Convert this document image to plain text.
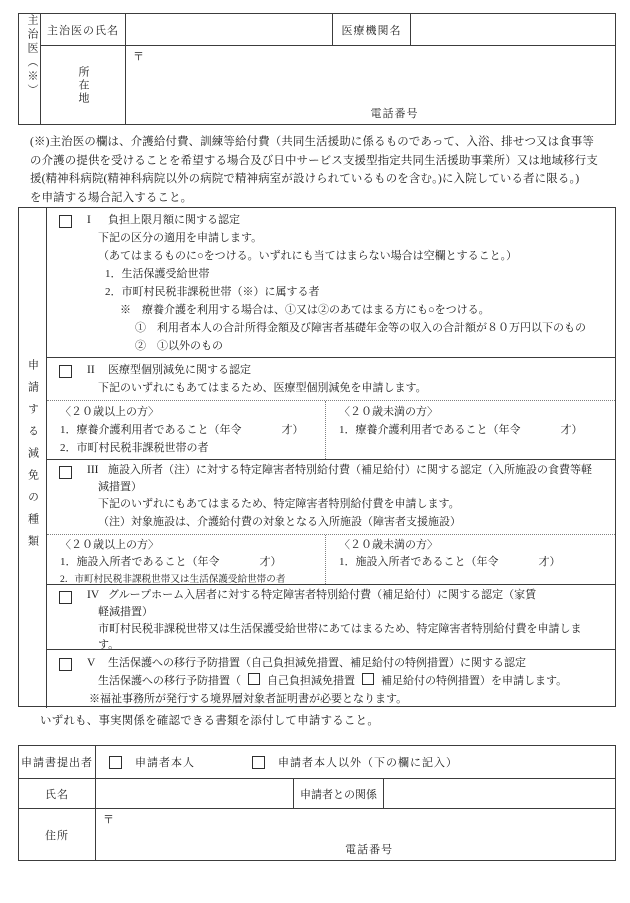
主治医（※） 主治医の氏名	医療機関名
所在地
〒
電話番号
(※)主治医の欄は、介護給付費、訓練等給付費（共同生活援助に係るものであって、入浴、排せつ又は食事等
の介護の提供を受けることを希望する場合及び日中サービス支援型指定共同生活援助事業所）又は地域移行支
援(精神科病院(精神科病院以外の病院で精神病室が設けられているものを含む。)に入院している者に限る。)
を申請する場合記入すること。
申請する減免の種類
I	負担上限月額に関する認定
下記の区分の適用を申請します。
（あてはまるものに○をつける。いずれにも当てはまらない場合は空欄とすること。）
1．生活保護受給世帯
2．市町村民税非課税世帯（※）に属する者
※　療養介護を利用する場合は、①又は②のあてはまる方にも○をつける。
①　利用者本人の合計所得金額及び障害者基礎年金等の収入の合計額が８０万円以下のもの
②　①以外のもの
II	医療型個別減免に関する認定
下記のいずれにもあてはまるため、医療型個別減免を申請します。
〈２０歳以上の方〉
1．療養介護利用者であること（年令	才）
2．市町村民税非課税世帯の者
〈２０歳未満の方〉
1．療養介護利用者であること（年令	才）
III 施設入所者（注）に対する特定障害者特別給付費（補足給付）に関する認定（入所施設の食費等軽
減措置）
下記のいずれにもあてはまるため、特定障害者特別給付費を申請します。
（注）対象施設は、介護給付費の対象となる入所施設（障害者支援施設）
〈２０歳以上の方〉
1．施設入所者であること（年令	才）
2．市町村民税非課税世帯又は生活保護受給世帯の者
〈２０歳未満の方〉
1．施設入所者であること（年令	才）
IV グループホーム入居者に対する特定障害者特別給付費（補足給付）に関する認定（家賃
軽減措置）
市町村民税非課税世帯又は生活保護受給世帯にあてはまるため、特定障害者特別給付費を申請しま
す。
V	生活保護への移行予防措置（自己負担減免措置、補足給付の特例措置）に関する認定
生活保護への移行予防措置（ 自己負担減免措置 補足給付の特例措置）を申請します。
※福祉事務所が発行する境界層対象者証明書が必要となります。
いずれも、事実関係を確認できる書類を添付して申請すること。
申請書提出者	申請者本人	申請者本人以外（下の欄に記入）
氏名	申請者との関係
住所
〒
電話番号
